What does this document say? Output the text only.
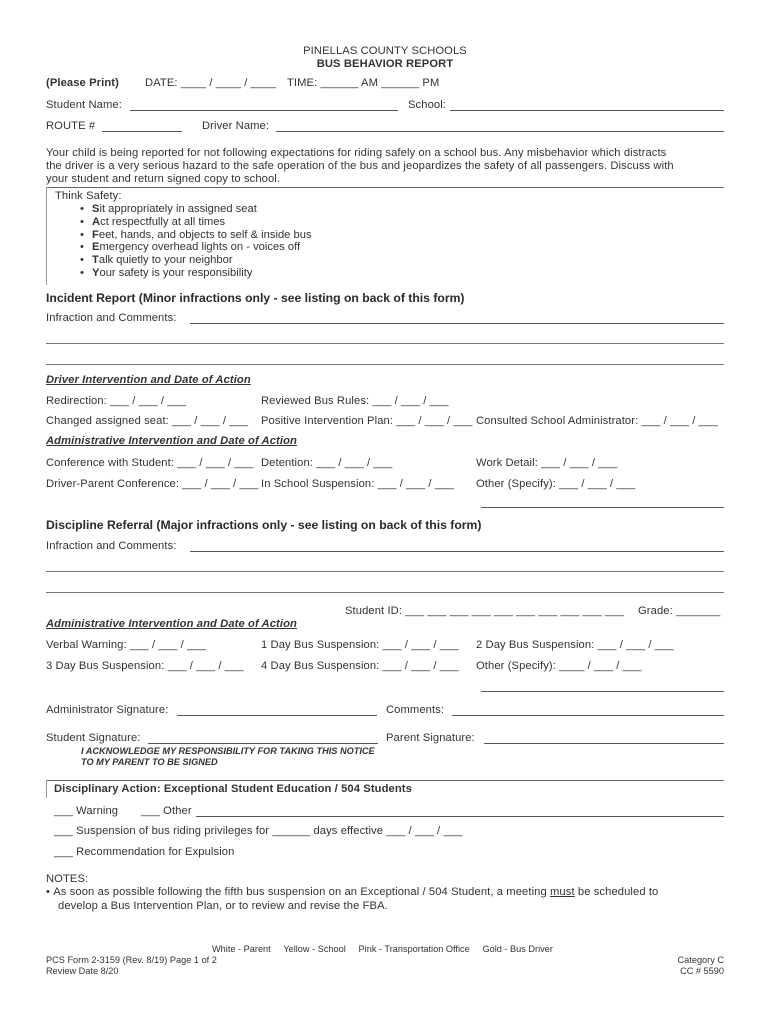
PINELLAS COUNTY SCHOOLS
BUS BEHAVIOR REPORT
(Please Print) DATE: ____ / ____ / ____ TIME: ______ AM ______ PM
Student Name:	School:
ROUTE #	Driver Name:
Your child is being reported for not following expectations for riding safely on a school bus. Any misbehavior which distracts
the driver is a very serious hazard to the safe operation of the bus and jeopardizes the safety of all passengers. Discuss with
your student and return signed copy to school.
Think Safety:
• Sit appropriately in assigned seat
• Act respectfully at all times
• Feet, hands, and objects to self & inside bus
• Emergency overhead lights on - voices off
• Talk quietly to your neighbor
• Your safety is your responsibility
Incident Report (Minor infractions only - see listing on back of this form)
Infraction and Comments:
Driver Intervention and Date of Action
Redirection: ___ / ___ / ___	Reviewed Bus Rules: ___ / ___ / ___
Changed assigned seat: ___ / ___ / ___ Positive Intervention Plan: ___ / ___ / ___ Consulted School Administrator: ___ / ___ / ___
Administrative Intervention and Date of Action
Conference with Student: ___ / ___ / ___ Detention: ___ / ___ / ___	Work Detail: ___ / ___ / ___
Driver-Parent Conference: ___ / ___ / ___ In School Suspension: ___ / ___ / ___ Other (Specify): ___ / ___ / ___
Discipline Referral (Major infractions only - see listing on back of this form)
Infraction and Comments:
Student ID: ___ ___ ___ ___ ___ ___ ___ ___ ___ ___ Grade: _______
Administrative Intervention and Date of Action
Verbal Warning: ___ / ___ / ___	1 Day Bus Suspension: ___ / ___ / ___ 2 Day Bus Suspension: ___ / ___ / ___
3 Day Bus Suspension: ___ / ___ / ___ 4 Day Bus Suspension: ___ / ___ / ___ Other (Specify): ____ / ___ / ___
Administrator Signature:	Comments:
Student Signature:	Parent Signature:
I ACKNOWLEDGE MY RESPONSIBILITY FOR TAKING THIS NOTICE
TO MY PARENT TO BE SIGNED
Disciplinary Action: Exceptional Student Education / 504 Students
___ Warning ___ Other
___ Suspension of bus riding privileges for ______ days effective ___ / ___ / ___
___ Recommendation for Expulsion
NOTES:
• As soon as possible following the fifth bus suspension on an Exceptional / 504 Student, a meeting must be scheduled to
develop a Bus Intervention Plan, or to review and revise the FBA.
White - Parent     Yellow - School     Pink - Transportation Office     Gold - Bus Driver
PCS Form 2-3159 (Rev. 8/19) Page 1 of 2
Review Date 8/20
Category C
CC # 5590
